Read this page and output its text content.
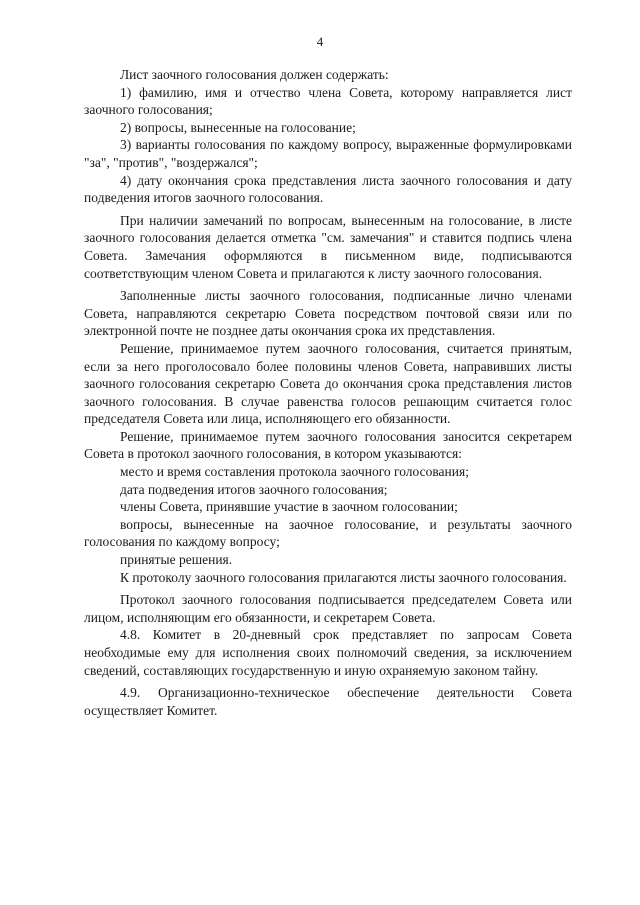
4

Лист заочного голосования должен содержать:

1) фамилию, имя и отчество члена Совета, которому направляется лист заочного голосования;

2) вопросы, вынесенные на голосование;

3) варианты голосования по каждому вопросу, выраженные формулировками "за", "против", "воздержался";

4) дату окончания срока представления листа заочного голосования и дату подведения итогов заочного голосования.

При наличии замечаний по вопросам, вынесенным на голосование, в листе заочного голосования делается отметка "см. замечания" и ставится подпись члена Совета. Замечания оформляются в письменном виде, подписываются соответствующим членом Совета и прилагаются к листу заочного голосования.

Заполненные листы заочного голосования, подписанные лично членами Совета, направляются секретарю Совета посредством почтовой связи или по электронной почте не позднее даты окончания срока их представления.

Решение, принимаемое путем заочного голосования, считается принятым, если за него проголосовало более половины членов Совета, направивших листы заочного голосования секретарю Совета до окончания срока представления листов заочного голосования. В случае равенства голосов решающим считается голос председателя Совета или лица, исполняющего его обязанности.

Решение, принимаемое путем заочного голосования заносится секретарем Совета в протокол заочного голосования, в котором указываются:

место и время составления протокола заочного голосования;

дата подведения итогов заочного голосования;

члены Совета, принявшие участие в заочном голосовании;

вопросы, вынесенные на заочное голосование, и результаты заочного голосования по каждому вопросу;

принятые решения.

К протоколу заочного голосования прилагаются листы заочного голосования.

Протокол заочного голосования подписывается председателем Совета или лицом, исполняющим его обязанности, и секретарем Совета.

4.8. Комитет в 20-дневный срок представляет по запросам Совета необходимые ему для исполнения своих полномочий сведения, за исключением сведений, составляющих государственную и иную охраняемую законом тайну.

4.9. Организационно-техническое обеспечение деятельности Совета осуществляет Комитет.
